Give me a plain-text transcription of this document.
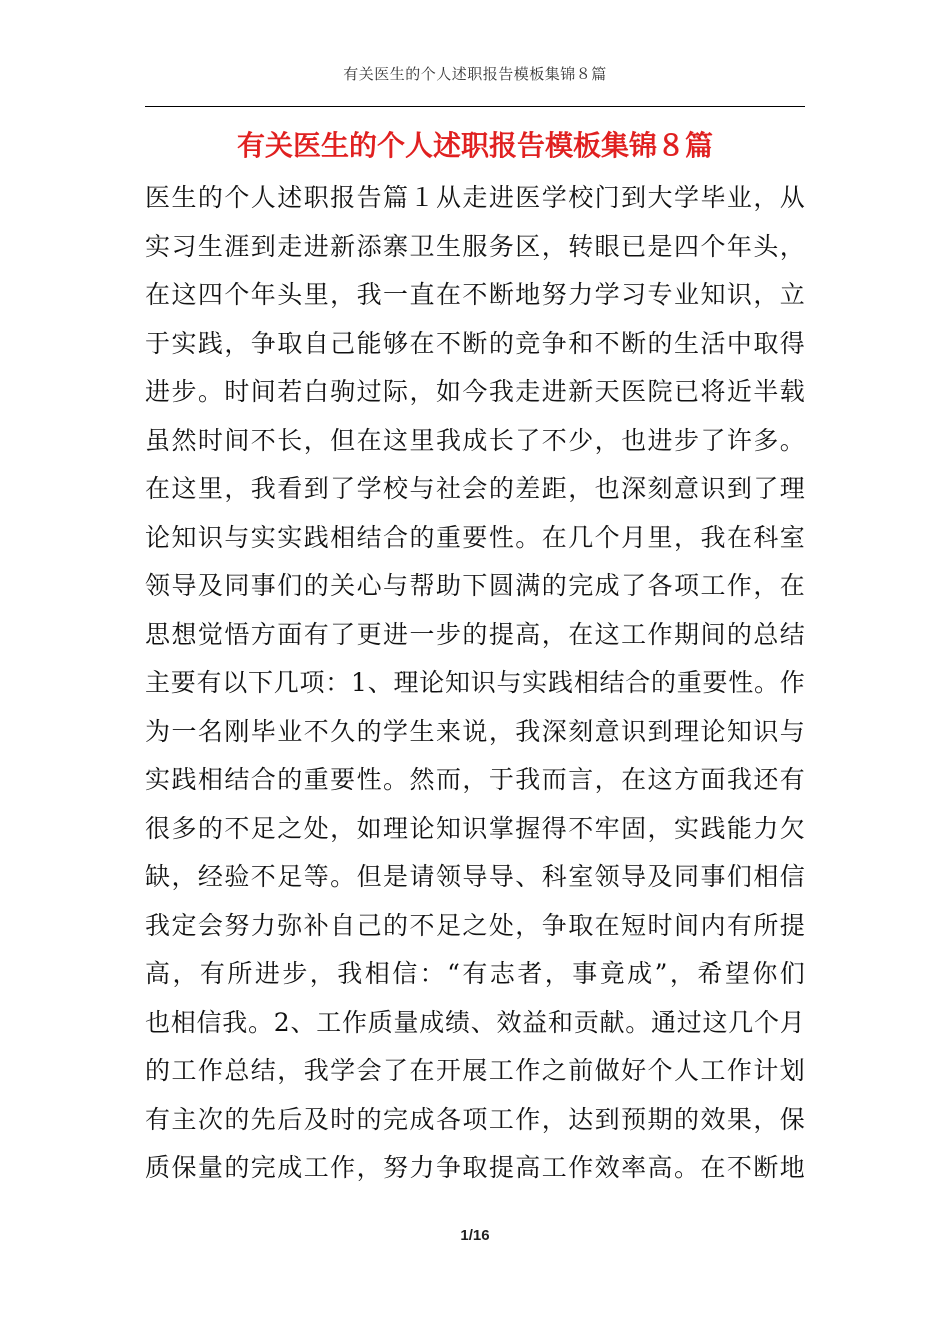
有关医生的个人述职报告模板集锦８篇
有关医生的个人述职报告模板集锦８篇
医生的个人述职报告篇１从走进医学校门到大学毕业，从
实习生涯到走进新添寨卫生服务区，转眼已是四个年头，
在这四个年头里，我一直在不断地努力学习专业知识，立
于实践，争取自己能够在不断的竞争和不断的生活中取得
进步。时间若白驹过际，如今我走进新天医院已将近半载
虽然时间不长，但在这里我成长了不少，也进步了许多。
在这里，我看到了学校与社会的差距，也深刻意识到了理
论知识与实实践相结合的重要性。在几个月里，我在科室
领导及同事们的关心与帮助下圆满的完成了各项工作，在
思想觉悟方面有了更进一步的提高，在这工作期间的总结
主要有以下几项：1、理论知识与实践相结合的重要性。作
为一名刚毕业不久的学生来说，我深刻意识到理论知识与
实践相结合的重要性。然而，于我而言，在这方面我还有
很多的不足之处，如理论知识掌握得不牢固，实践能力欠
缺，经验不足等。但是请领导导、科室领导及同事们相信
我定会努力弥补自己的不足之处，争取在短时间内有所提
高，有所进步，我相信：“有志者，事竟成”，希望你们
也相信我。2、工作质量成绩、效益和贡献。通过这几个月
的工作总结，我学会了在开展工作之前做好个人工作计划
有主次的先后及时的完成各项工作，达到预期的效果，保
质保量的完成工作，努力争取提高工作效率高。在不断地
1/16
